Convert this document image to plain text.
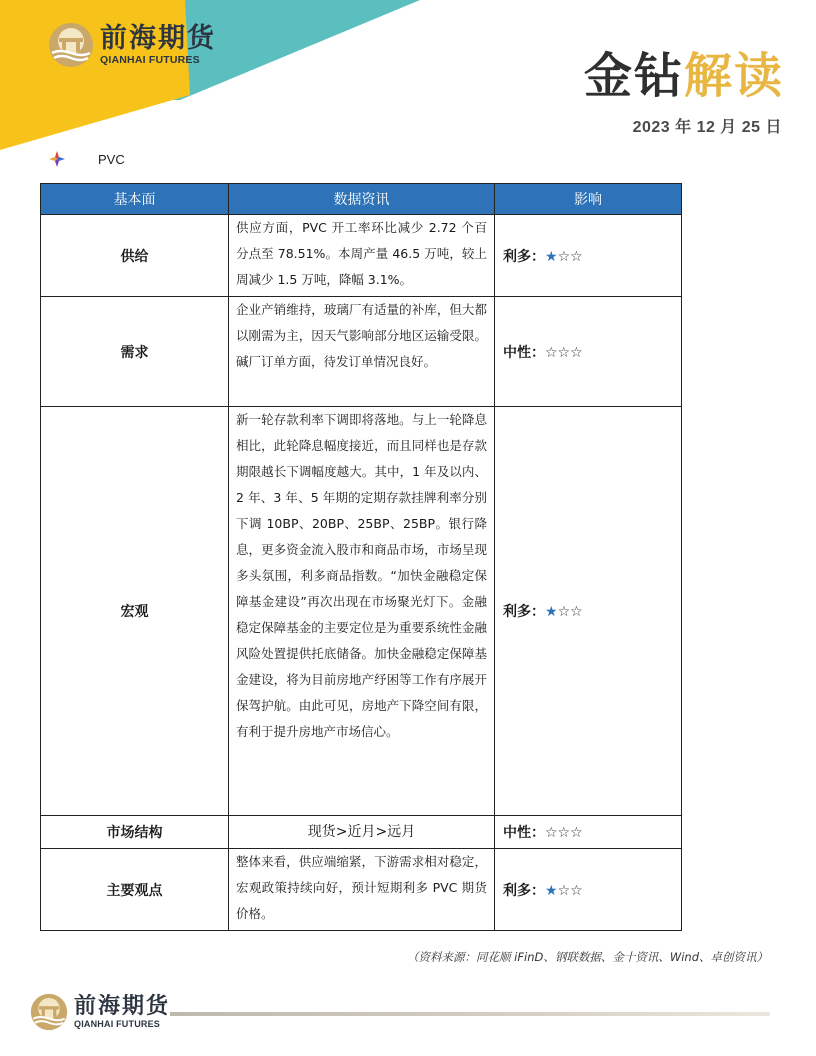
前海期货
QIANHAI FUTURES	金钻解读
2023 年 12 月 25 日
PVC
基本面	数据资讯	影响
供给	供应方面，PVC 开工率环比减少 2.72 个百分点至 78.51%。本周产量 46.5 万吨，较上周减少 1.5 万吨，降幅 3.1%。	利多：★☆☆
需求	企业产销维持，玻璃厂有适量的补库，但大都以刚需为主，因天气影响部分地区运输受限。碱厂订单方面，待发订单情况良好。	中性：☆☆☆
宏观	新一轮存款利率下调即将落地。与上一轮降息相比，此轮降息幅度接近，而且同样也是存款期限越长下调幅度越大。其中，1 年及以内、2 年、3 年、5 年期的定期存款挂牌利率分别下调 10BP、20BP、25BP、25BP。银行降息，更多资金流入股市和商品市场，市场呈现多头氛围，利多商品指数。“加快金融稳定保障基金建设”再次出现在市场聚光灯下。金融稳定保障基金的主要定位是为重要系统性金融风险处置提供托底储备。加快金融稳定保障基金建设，将为目前房地产纾困等工作有序展开保驾护航。由此可见，房地产下降空间有限，有利于提升房地产市场信心。	利多：★☆☆
市场结构	现货>近月>远月	中性：☆☆☆
主要观点	整体来看，供应端缩紧，下游需求相对稳定，宏观政策持续向好，预计短期利多 PVC 期货价格。	利多：★☆☆
（资料来源：同花顺 iFinD、钢联数据、金十资讯、Wind、卓创资讯）
前海期货
QIANHAI FUTURES
